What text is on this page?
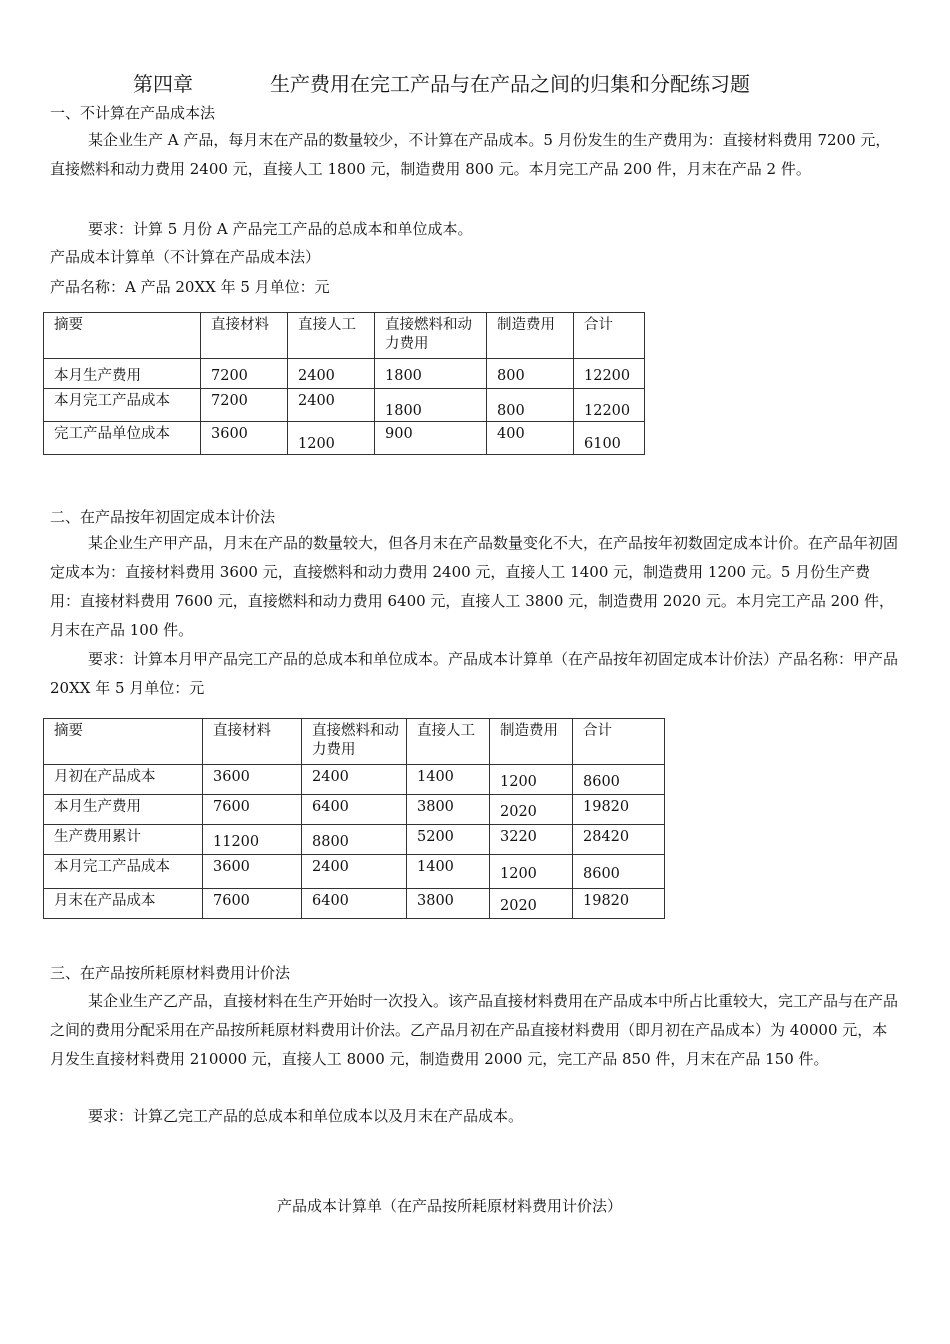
第四章	生产费用在完工产品与在产品之间的归集和分配练习题
一、不计算在产品成本法
某企业生产 A 产品，每月末在产品的数量较少，不计算在产品成本。5 月份发生的生产费用为：直接材料费用 7200 元，直接燃料和动力费用 2400 元，直接人工 1800 元，制造费用 800 元。本月完工产品 200 件，月末在产品 2 件。
要求：计算 5 月份 A 产品完工产品的总成本和单位成本。
产品成本计算单（不计算在产品成本法）
产品名称：A 产品 20XX 年 5 月单位：元
摘要	直接材料	直接人工	直接燃料和动力费用	制造费用	合计
本月生产费用	7200	2400	1800	800	12200
本月完工产品成本	7200	2400	1800	800	12200
完工产品单位成本	3600	1200	900	400	6100
二、在产品按年初固定成本计价法
某企业生产甲产品，月末在产品的数量较大，但各月末在产品数量变化不大，在产品按年初数固定成本计价。在产品年初固定成本为：直接材料费用 3600 元，直接燃料和动力费用 2400 元，直接人工 1400 元，制造费用 1200 元。5 月份生产费用：直接材料费用 7600 元，直接燃料和动力费用 6400 元，直接人工 3800 元，制造费用 2020 元。本月完工产品 200 件，月末在产品 100 件。
要求：计算本月甲产品完工产品的总成本和单位成本。产品成本计算单（在产品按年初固定成本计价法）产品名称：甲产品 20XX 年 5 月单位：元
摘要	直接材料	直接燃料和动力费用	直接人工	制造费用	合计
月初在产品成本	3600	2400	1400	1200	8600
本月生产费用	7600	6400	3800	2020	19820
生产费用累计	11200	8800	5200	3220	28420
本月完工产品成本	3600	2400	1400	1200	8600
月末在产品成本	7600	6400	3800	2020	19820
三、在产品按所耗原材料费用计价法
某企业生产乙产品，直接材料在生产开始时一次投入。该产品直接材料费用在产品成本中所占比重较大，完工产品与在产品之间的费用分配采用在产品按所耗原材料费用计价法。乙产品月初在产品直接材料费用（即月初在产品成本）为 40000 元，本月发生直接材料费用 210000 元，直接人工 8000 元，制造费用 2000 元，完工产品 850 件，月末在产品 150 件。
要求：计算乙完工产品的总成本和单位成本以及月末在产品成本。
产品成本计算单（在产品按所耗原材料费用计价法）
